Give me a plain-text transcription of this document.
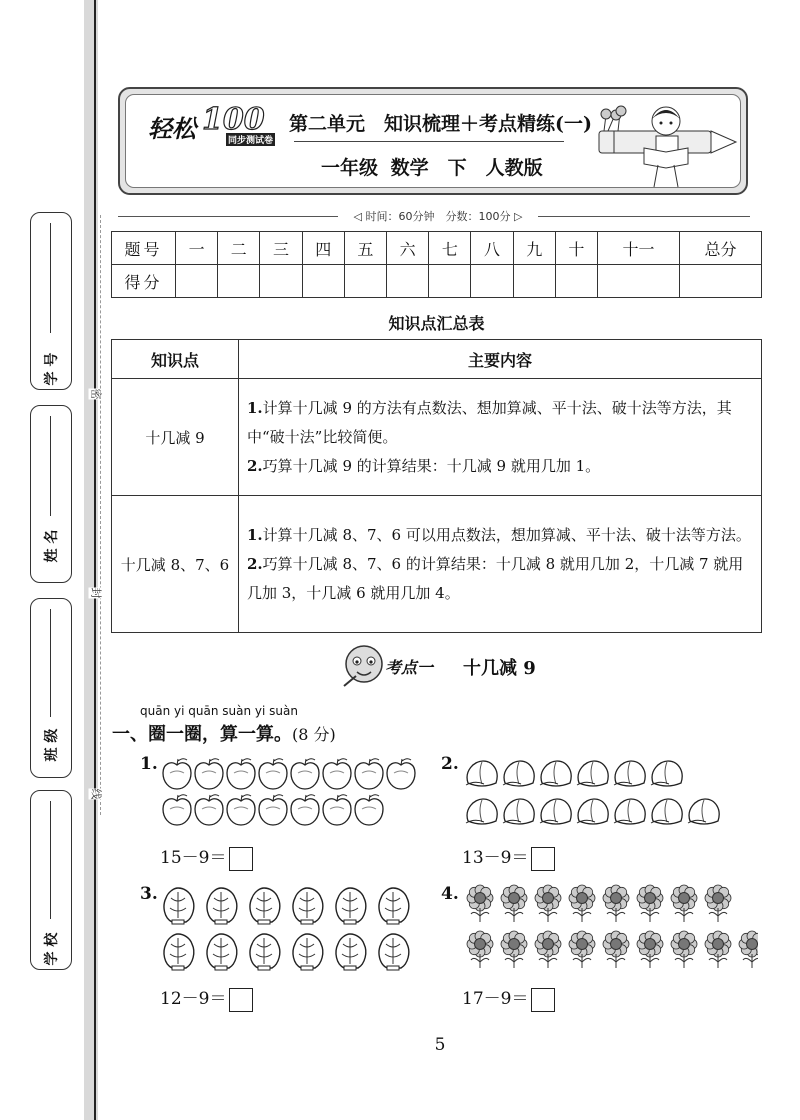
密
封
线
学 号
姓 名
班 级
学 校
轻松 100
同步测试卷
第二单元　知识梳理＋考点精练(一)
一年级 数学　下　人教版
◁ 时间：60分钟　分数：100分 ▷
题号	一	二	三	四	五	六	七	八	九	十	十一	总分
得分												
知识点汇总表
知识点	主要内容
十几减 9	1.计算十几减 9 的方法有点数法、想加算减、平十法、破十法等方法，其中“破十法”比较简便。
2.巧算十几减 9 的计算结果：十几减 9 就用几加 1。

十几减 8、7、6	1.计算十几减 8、7、6 可以用点数法，想加算减、平十法、破十法等方法。
2.巧算十几减 8、7、6 的计算结果：十几减 8 就用几加 2，十几减 7 就用几加 3，十几减 6 就用几加 4。
考点一 十几减 9
quān yi quān suàn yi suàn
一、圈一圈，算一算。(8 分)
1.
15－9＝
2.
13－9＝
3.
12－9＝
4.
17－9＝
5
